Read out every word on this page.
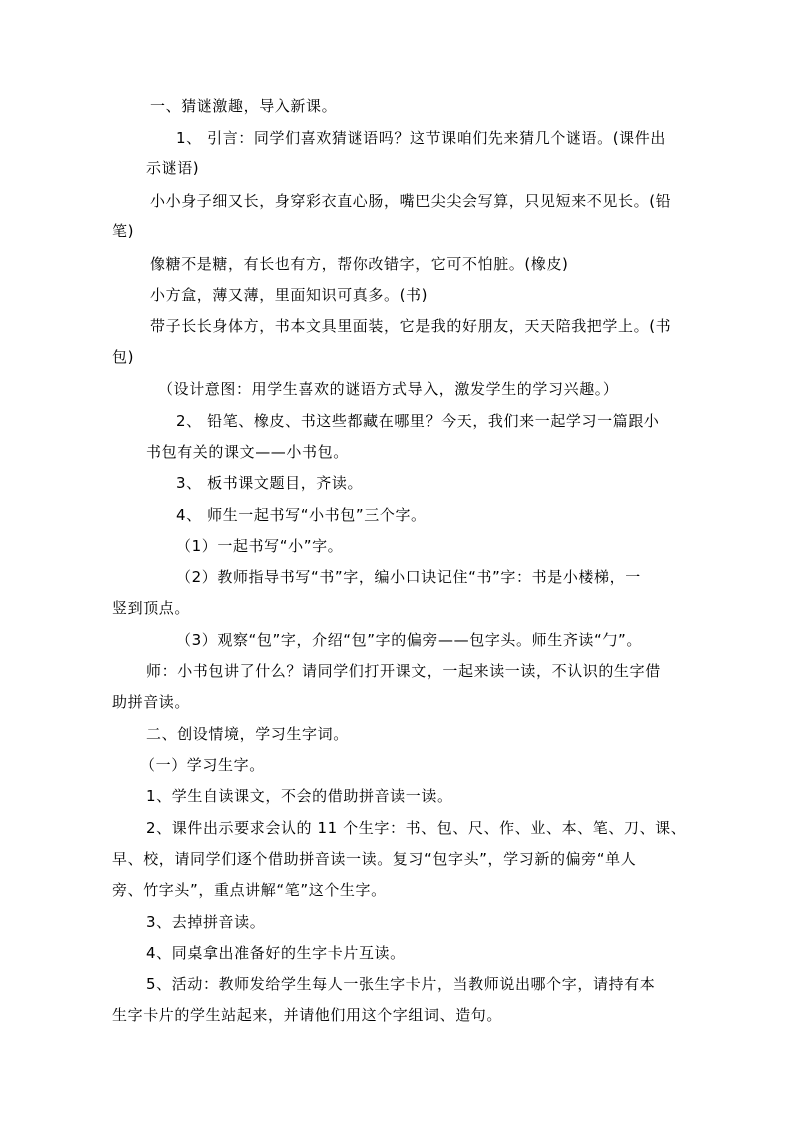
一、猜谜激趣，导入新课。
1、 引言：同学们喜欢猜谜语吗？这节课咱们先来猜几个谜语。(课件出
示谜语)
小小身子细又长，身穿彩衣直心肠，嘴巴尖尖会写算，只见短来不见长。(铅
笔)
像糖不是糖，有长也有方，帮你改错字，它可不怕脏。(橡皮)
小方盒，薄又薄，里面知识可真多。(书)
带子长长身体方，书本文具里面装，它是我的好朋友，天天陪我把学上。(书
包)
（设计意图：用学生喜欢的谜语方式导入，激发学生的学习兴趣。）
2、 铅笔、橡皮、书这些都藏在哪里？今天，我们来一起学习一篇跟小
书包有关的课文——小书包。
3、 板书课文题目，齐读。
4、 师生一起书写“小书包”三个字。
（1）一起书写“小”字。
（2）教师指导书写“书”字，编小口诀记住“书”字：书是小楼梯，一
竖到顶点。
（3）观察“包”字，介绍“包”字的偏旁——包字头。师生齐读“勹”。
师：小书包讲了什么？请同学们打开课文，一起来读一读，不认识的生字借
助拼音读。
二、创设情境，学习生字词。
（一）学习生字。
1、学生自读课文，不会的借助拼音读一读。
2、课件出示要求会认的 11 个生字：书、包、尺、作、业、本、笔、刀、课、
早、校，请同学们逐个借助拼音读一读。复习“包字头”，学习新的偏旁“单人
旁、竹字头”，重点讲解“笔”这个生字。
3、去掉拼音读。
4、同桌拿出准备好的生字卡片互读。
5、活动：教师发给学生每人一张生字卡片，当教师说出哪个字，请持有本
生字卡片的学生站起来，并请他们用这个字组词、造句。
